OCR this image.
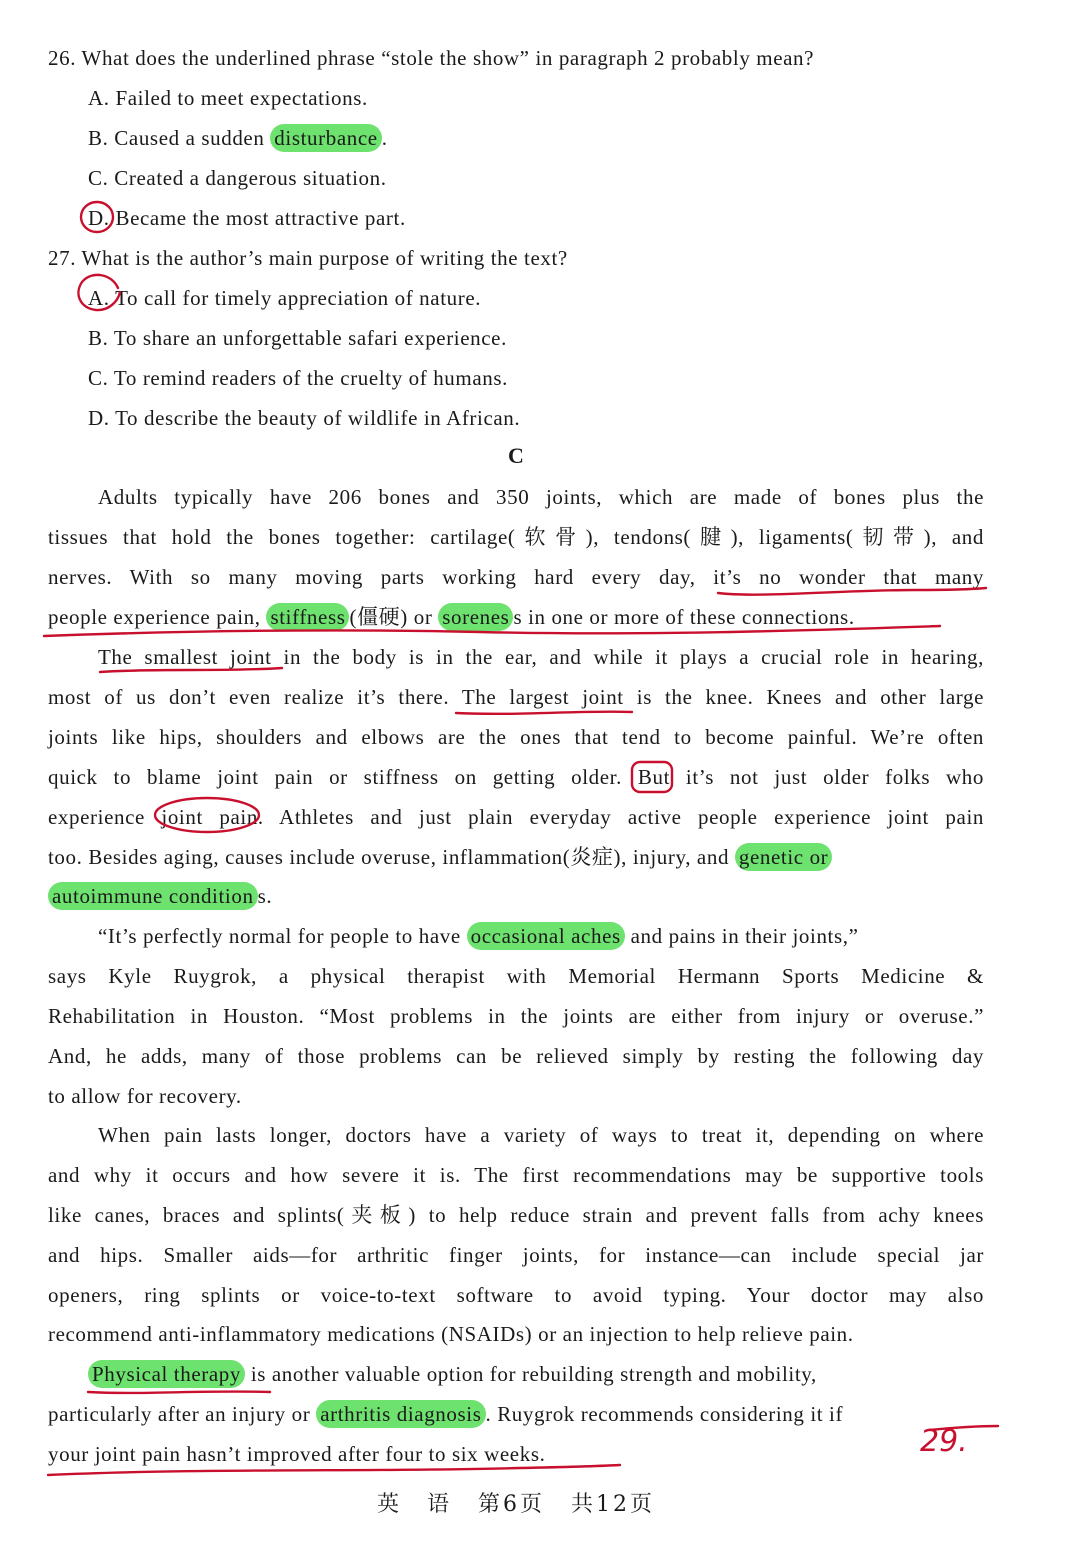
26. What does the underlined phrase “stole the show” in paragraph 2 probably mean?
A. Failed to meet expectations.
B. Caused a sudden disturbance .
C. Created a dangerous situation.
D. Became the most attractive part.
27. What is the author’s main purpose of writing the text?
A. To call for timely appreciation of nature.
B. To share an unforgettable safari experience.
C. To remind readers of the cruelty of humans.
D. To describe the beauty of wildlife in African.
C
Adults typically have 206 bones and 350 joints, which are made of bones plus the
tissues that hold the bones together: cartilage(软骨), tendons(腱), ligaments(韧带), and
nerves. With so many moving parts working hard every day, it’s no wonder that many
people experience pain, stiffness (僵硬) or sorenes s in one or more of these connections.
The smallest joint in the body is in the ear, and while it plays a crucial role in hearing,
most of us don’t even realize it’s there. The largest joint is the knee. Knees and other large
joints like hips, shoulders and elbows are the ones that tend to become painful. We’re often
quick to blame joint pain or stiffness on getting older. But it’s not just older folks who
experience joint pain. Athletes and just plain everyday active people experience joint pain
too. Besides aging, causes include overuse, inflammation(炎症), injury, and genetic or
autoimmune condition s.
“It’s perfectly normal for people to have occasional aches and pains in their joints,”
says Kyle Ruygrok, a physical therapist with Memorial Hermann Sports Medicine &
Rehabilitation in Houston. “Most problems in the joints are either from injury or overuse.”
And, he adds, many of those problems can be relieved simply by resting the following day
to allow for recovery.
When pain lasts longer, doctors have a variety of ways to treat it, depending on where
and why it occurs and how severe it is. The first recommendations may be supportive tools
like canes, braces and splints(夹板) to help reduce strain and prevent falls from achy knees
and hips. Smaller aids—for arthritic finger joints, for instance—can include special jar
openers, ring splints or voice-to-text software to avoid typing. Your doctor may also
recommend anti-inflammatory medications (NSAIDs) or an injection to help relieve pain.
Physical therapy is another valuable option for rebuilding strength and mobility,
particularly after an injury or arthritis diagnosis . Ruygrok recommends considering it if
your joint pain hasn’t improved after four to six weeks.	29.
英　语 第6页 共12页
